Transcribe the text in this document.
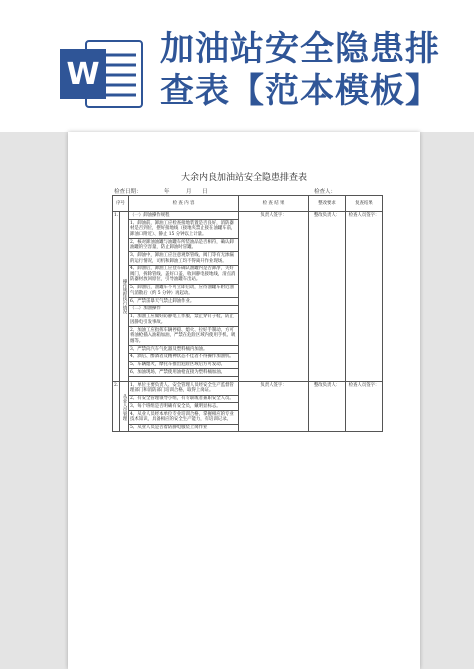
W
加油站安全隐患排查表【范本模板】
大余内良加油站安全隐患排查表
检查日期：	年	月 日	检查人：
序号		检 查 内 容	检 查 结 果	整改要求	复查结果
1.	操作规程执行情况	（一）卸油操作规程	负责人签字：	整改负责人：	检查人员签字：
		1、卸油前，卸油工应检查接地装置是否良好，消防器材是否到位，摆好接地线（接地夹禁止接在油罐车前，卸油口附近）、静止 15 分钟以上计量。			
		2、核对卸油油罐与油罐车所装油品是否相符，确认卸油罐的空容量，防止卸油时冒罐。			
		3、卸油中，卸油工应注意观察管线，阀门等有无渗漏的运行情况，司机和卸油工均不得离开作业现场。			
		4、卸油后，卸油工应登车确认油罐内是否卸净，关好阀门，拆除管线，盖好口盖，收回静电接地线，清点消防器材放回原位，引导油罐车出站。			
		5、卸油后，油罐车不可立即启动，应待油罐车附近油气消散后（约 5 分钟）再起动。			
		6、严禁雷暴天气禁止卸油作业。			
		（二）加油操作			
		1、加油工应做好防静电工作服，禁止穿钉子鞋，防止因静电引发事故。			
		2、加油工应指挥车辆停稳、熄火、拉好手制动、方可将油枪插入油箱加油，严禁在危险区域内使用手机、吸烟等。			
		3、严禁向汽车气化器及塑料桶内加油。			
		4、酒后、醉酒者及精神状态不佳者不得操作加油机。			
		5、车辆熄火，摩托车推出危险区域后方可发动。			
		6、加油现场，严禁使用油枪直接为塑料桶加油。			

2.	从业人员管理	1、单位主要负责人、安全管理人员经安全生产监督管理部门和消防部门培训合格，取得上岗证。	负责人签字：	整改负责人：	检查人员签字：
		2、有安全管理领导小组，有专职或者兼职安全人员。			
		3、每个班组是否明确有安全员，戴明显标志。			
		4、从业人员经本单位专业培训合格，掌握相应的专业技术知识，具备相应的安全生产能力，有培训记录。			
		5、从业人员是否着防静电服装上岗作业			
